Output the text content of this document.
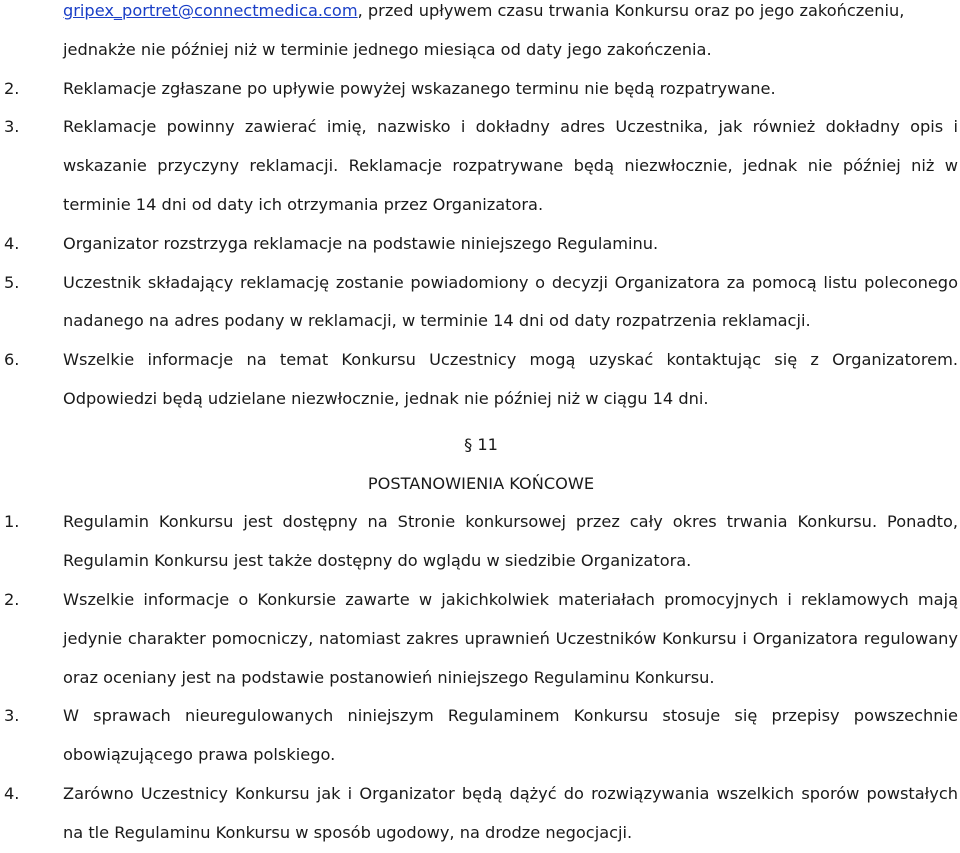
gripex_portret@connectmedica.com, przed upływem czasu trwania Konkursu oraz po jego zakończeniu, jednakże nie później niż w terminie jednego miesiąca od daty jego zakończenia.
2.	Reklamacje zgłaszane po upływie powyżej wskazanego terminu nie będą rozpatrywane.
3.	Reklamacje powinny zawierać imię, nazwisko i dokładny adres Uczestnika, jak również dokładny opis i wskazanie przyczyny reklamacji. Reklamacje rozpatrywane będą niezwłocznie, jednak nie później niż w terminie 14 dni od daty ich otrzymania przez Organizatora.
4.	Organizator rozstrzyga reklamacje na podstawie niniejszego Regulaminu.
5.	Uczestnik składający reklamację zostanie powiadomiony o decyzji Organizatora za pomocą listu poleconego nadanego na adres podany w reklamacji, w terminie 14 dni od daty rozpatrzenia reklamacji.
6.	Wszelkie informacje na temat Konkursu Uczestnicy mogą uzyskać kontaktując się z Organizatorem. Odpowiedzi będą udzielane niezwłocznie, jednak nie później niż w ciągu 14 dni.
§ 11
POSTANOWIENIA KOŃCOWE
1.	Regulamin Konkursu jest dostępny na Stronie konkursowej przez cały okres trwania Konkursu. Ponadto, Regulamin Konkursu jest także dostępny do wglądu w siedzibie Organizatora.
2.	Wszelkie informacje o Konkursie zawarte w jakichkolwiek materiałach promocyjnych i reklamowych mają jedynie charakter pomocniczy, natomiast zakres uprawnień Uczestników Konkursu i Organizatora regulowany oraz oceniany jest na podstawie postanowień niniejszego Regulaminu Konkursu.
3.	W sprawach nieuregulowanych niniejszym Regulaminem Konkursu stosuje się przepisy powszechnie obowiązującego prawa polskiego.
4.	Zarówno Uczestnicy Konkursu jak i Organizator będą dążyć do rozwiązywania wszelkich sporów powstałych na tle Regulaminu Konkursu w sposób ugodowy, na drodze negocjacji.
